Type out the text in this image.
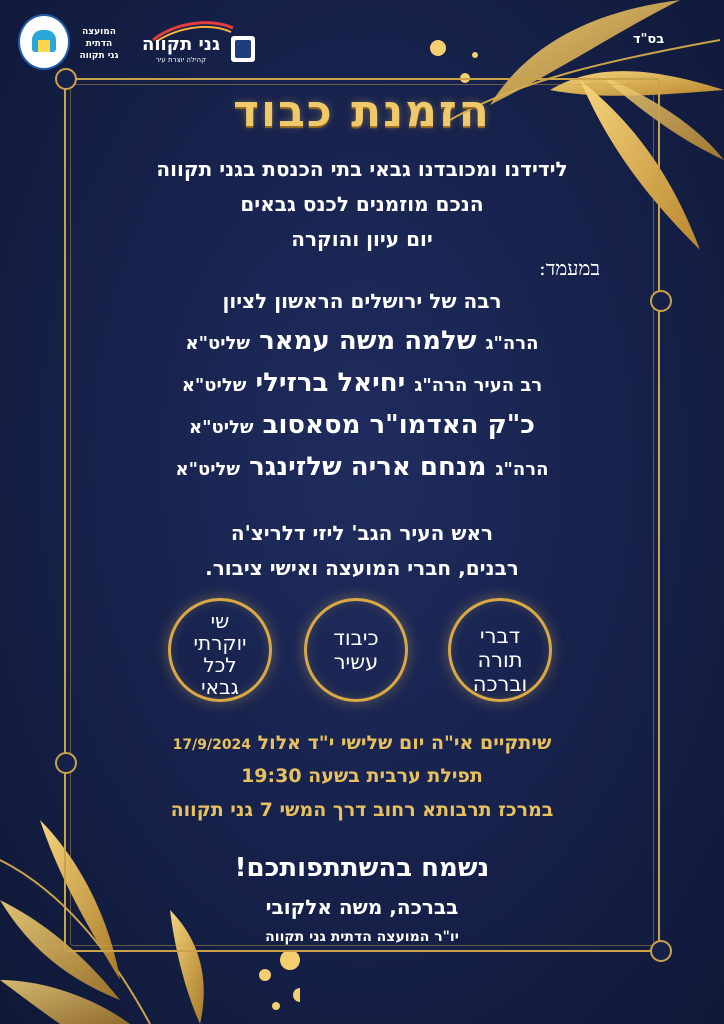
בס"ד
המועצה הדתית
גני תקווה
גני תקווה
קהילה יוצרת עיר
הזמנת כבוד
לידידנו ומכובדנו גבאי בתי הכנסת בגני תקווה
הנכם מוזמנים לכנס גבאים
יום עיון והוקרה
במעמד:
רבה של ירושלים הראשון לציון
הרה"ג שלמה משה עמאר שליט"א
רב העיר הרה"ג יחיאל ברזילי שליט"א
כ"ק האדמו"ר מסאסוב שליט"א
הרה"ג מנחם אריה שלזינגר שליט"א
ראש העיר הגב' ליזי דלריצ'ה
רבנים, חברי המועצה ואישי ציבור.
דברי
תורה
וברכה
כיבוד
עשיר
שי
יוקרתי
לכל
גבאי
שיתקיים אי"ה יום שלישי י"ד אלול 17/9/2024
תפילת ערבית בשעה 19:30
במרכז תרבותא רחוב דרך המשי 7 גני תקווה
נשמח בהשתתפותכם!
בברכה, משה אלקובי
יו"ר המועצה הדתית גני תקווה
